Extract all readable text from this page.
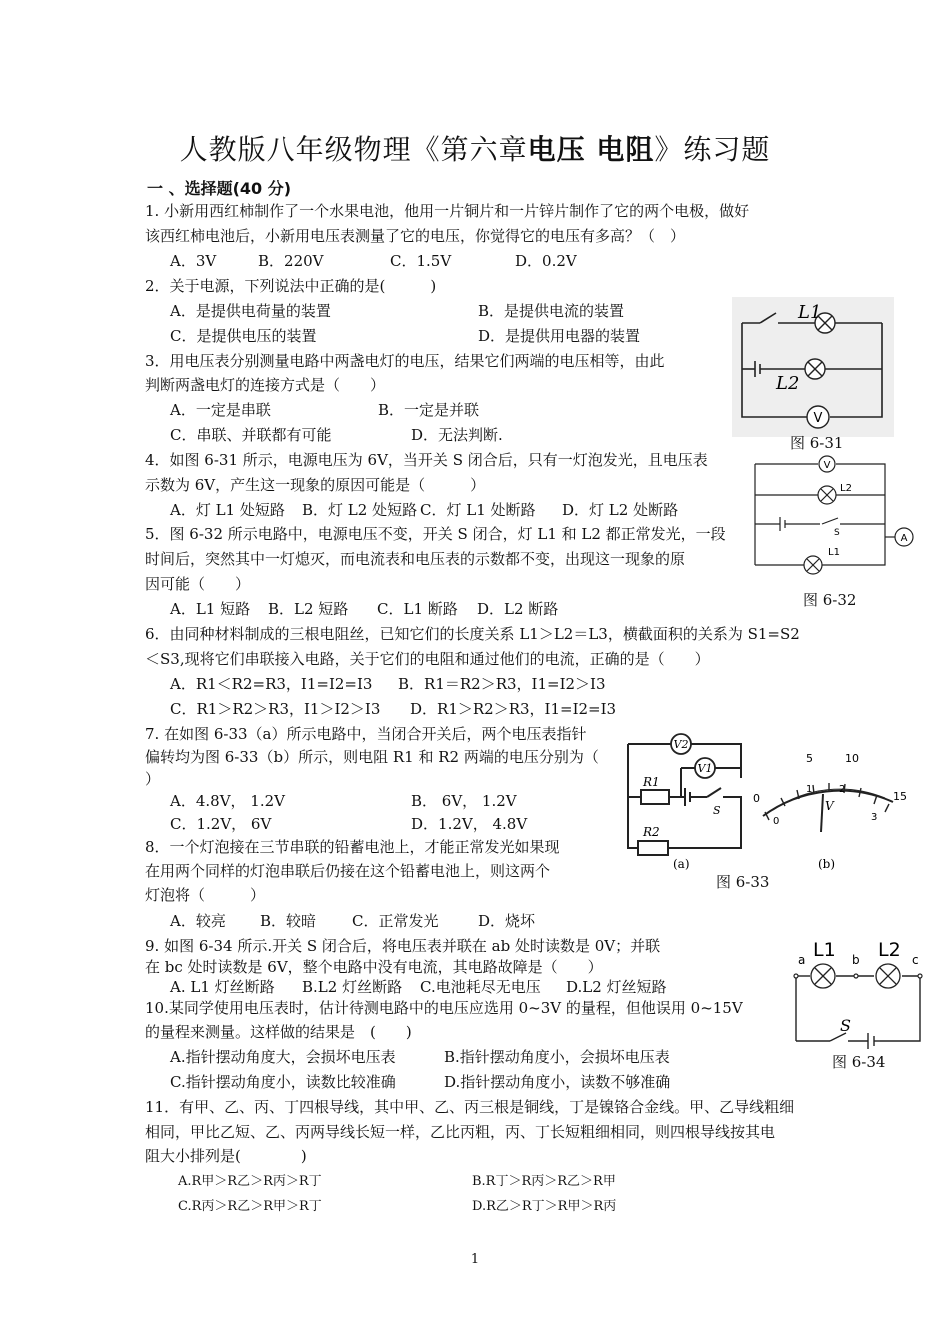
人教版八年级物理《第六章电压 电阻》练习题
一 、选择题(40 分)
1. 小新用西红柿制作了一个水果电池，他用一片铜片和一片锌片制作了它的两个电极，做好
该西红柿电池后，小新用电压表测量了它的电压，你觉得它的电压有多高？（　）
A．3V	B．220V	C．1.5V	D．0.2V
2．关于电源，下列说法中正确的是(　　　)
A．是提供电荷量的装置	B．是提供电流的装置
C．是提供电压的装置	D．是提供用电器的装置
3．用电压表分别测量电路中两盏电灯的电压，结果它们两端的电压相等，由此
判断两盏电灯的连接方式是（　　）
A．一定是串联	B．一定是并联
C．串联、并联都有可能	D．无法判断.
4．如图 6-31 所示，电源电压为 6V，当开关 S 闭合后，只有一灯泡发光，且电压表
示数为 6V，产生这一现象的原因可能是（　　　）
A．灯 L1 处短路 B．灯 L2 处短路 C．灯 L1 处断路 D．灯 L2 处断路
5．图 6-32 所示电路中，电源电压不变，开关 S 闭合，灯 L1 和 L2 都正常发光，一段
时间后，突然其中一灯熄灭，而电流表和电压表的示数都不变，出现这一现象的原
因可能（　　）
A．L1 短路 B．L2 短路 C．L1 断路 D．L2 断路
6．由同种材料制成的三根电阻丝，已知它们的长度关系 L1＞L2＝L3，横截面积的关系为 S1=S2
＜S3,现将它们串联接入电路，关于它们的电阻和通过他们的电流，正确的是（　　）
A．R1＜R2=R3，I1=I2=I3 B．R1＝R2＞R3，I1=I2＞I3
C．R1＞R2＞R3，I1＞I2＞I3 D．R1＞R2＞R3，I1=I2=I3
7. 在如图 6-33（a）所示电路中，当闭合开关后，两个电压表指针
偏转均为图 6-33（b）所示，则电阻 R1 和 R2 两端的电压分别为（
）
A．4.8V， 1.2V	B． 6V， 1.2V
C．1.2V， 6V	D．1.2V， 4.8V
8．一个灯泡接在三节串联的铅蓄电池上，才能正常发光如果现
在用两个同样的灯泡串联后仍接在这个铅蓄电池上，则这两个
灯泡将（　　　）
A．较亮 B．较暗 C．正常发光	D．烧坏
9. 如图 6-34 所示.开关 S 闭合后，将电压表并联在 ab 处时读数是 0V；并联
在 bc 处时读数是 6V，整个电路中没有电流，其电路故障是（　　）
A. L1 灯丝断路 B.L2 灯丝断路 C.电池耗尽无电压 D.L2 灯丝短路
10.某同学使用电压表时，估计待测电路中的电压应选用 0~3V 的量程，但他误用 0~15V
的量程来测量。这样做的结果是　(　　)
A.指针摆动角度大，会损坏电压表	B.指针摆动角度小，会损坏电压表
C.指针摆动角度小，读数比较准确	D.指针摆动角度小，读数不够准确
11．有甲、乙、丙、丁四根导线，其中甲、乙、丙三根是铜线，丁是镍铬合金线。甲、乙导线粗细
相同，甲比乙短、乙、丙两导线长短一样，乙比丙粗，丙、丁长短粗细相同，则四根导线按其电
阻大小排列是(　　　　)
A.R甲＞R乙＞R丙＞R丁	B.R丁＞R丙＞R乙＞R甲
C.R丙＞R乙＞R甲＞R丁	D.R乙＞R丁＞R甲＞R丙
V
L1
L2
图 6-31
V
A
L2
L1
S
图 6-32
V2
V1
R1
R2
S
(a)
0
5	10
15
0
1	2
3
V
(b)
图 6-33
L1 L2
a	b	c
S
图 6-34
1
